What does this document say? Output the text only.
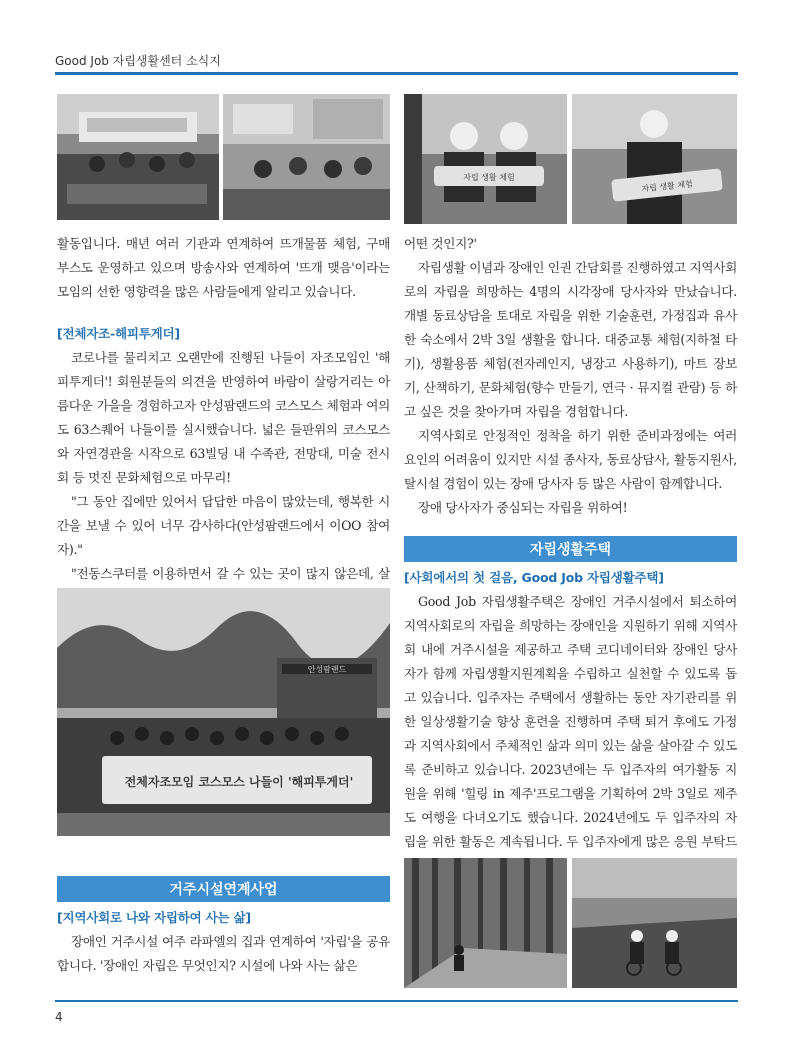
Good Job 자립생활센터 소식지

활동입니다. 매년 여러 기관과 연계하여 뜨개물품 체험, 구매 부스도 운영하고 있으며 방송사와 연계하여 '뜨개 맺음'이라는 모임의 선한 영향력을 많은 사람들에게 알리고 있습니다.

[전체자조-해피투게더]

코로나를 물리치고 오랜만에 진행된 나들이 자조모임인 '해피투게더'! 회원분들의 의견을 반영하여 바람이 살랑거리는 아름다운 가을을 경험하고자 안성팜랜드의 코스모스 체험과 여의도 63스퀘어 나들이를 실시했습니다. 넓은 들판위의 코스모스와 자연경관을 시작으로 63빌딩 내 수족관, 전망대, 미술 전시회 등 멋진 문화체험으로 마무리!

"그 동안 집에만 있어서 답답한 마음이 많았는데, 행복한 시간을 보낼 수 있어 너무 감사하다(안성팜랜드에서 이OO 참여자)."

"전동스쿠터를 이용하면서 갈 수 있는 곳이 많지 않은데, 살

안성팜랜드
전체자조모임 코스모스 나들이 '해피투게더'
거주시설연계사업
[지역사회로 나와 자립하여 사는 삶]

장애인 거주시설 여주 라파엘의 집과 연계하여 '자립'을 공유합니다. '장애인 자립은 무엇인지? 시설에 나와 사는 삶은

자립 생활 체험
자립 생활 체험

어떤 것인지?'

자립생활 이념과 장애인 인권 간담회를 진행하였고 지역사회로의 자립을 희망하는 4명의 시각장애 당사자와 만났습니다. 개별 동료상담을 토대로 자립을 위한 기술훈련, 가정집과 유사한 숙소에서 2박 3일 생활을 합니다. 대중교통 체험(지하철 타기), 생활용품 체험(전자레인지, 냉장고 사용하기), 마트 장보기, 산책하기, 문화체험(향수 만들기, 연극 · 뮤지컬 관람) 등 하고 싶은 것을 찾아가며 자립을 경험합니다.

지역사회로 안정적인 정착을 하기 위한 준비과정에는 여러 요인의 어려움이 있지만 시설 종사자, 동료상담사, 활동지원사, 탈시설 경험이 있는 장애 당사자 등 많은 사람이 함께합니다.

장애 당사자가 중심되는 자립을 위하여!

자립생활주택
[사회에서의 첫 걸음, Good Job 자립생활주택]

Good Job 자립생활주택은 장애인 거주시설에서 퇴소하여 지역사회로의 자립을 희망하는 장애인을 지원하기 위해 지역사회 내에 거주시설을 제공하고 주택 코디네이터와 장애인 당사자가 함께 자립생활지원계획을 수립하고 실천할 수 있도록 돕고 있습니다. 입주자는 주택에서 생활하는 동안 자기관리를 위한 일상생활기술 향상 훈련을 진행하며 주택 퇴거 후에도 가정과 지역사회에서 주체적인 삶과 의미 있는 삶을 살아갈 수 있도록 준비하고 있습니다. 2023년에는 두 입주자의 여가활동 지원을 위해 '힐링 in 제주'프로그램을 기획하여 2박 3일로 제주도 여행을 다녀오기도 했습니다. 2024년에도 두 입주자의 자립을 위한 활동은 계속됩니다. 두 입주자에게 많은 응원 부탁드

4
